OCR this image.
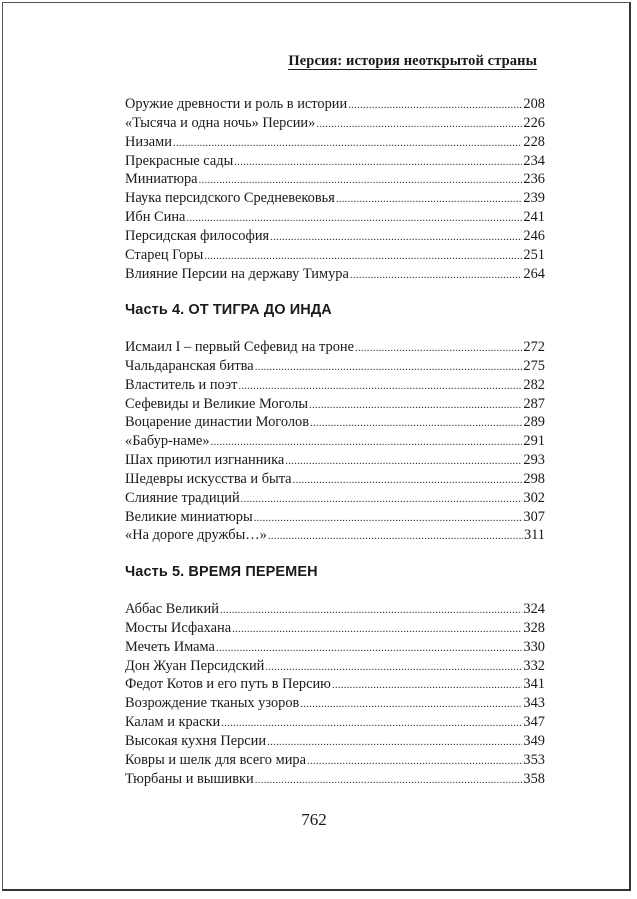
Персия: история неоткрытой страны
Оружие древности и роль в истории .....	208
«Тысяча и одна ночь» Персии» .....	226
Низами .....	228
Прекрасные сады .....	234
Миниатюра .....	236
Наука персидского Средневековья .....	239
Ибн Сина .....	241
Персидская философия .....	246
Старец Горы .....	251
Влияние Персии на державу Тимура .....	264
Часть 4. ОТ ТИГРА ДО ИНДА
Исмаил I – первый Сефевид на троне .....	272
Чальдаранская битва .....	275
Властитель и поэт .....	282
Сефевиды и Великие Моголы .....	287
Воцарение династии Моголов .....	289
«Бабур-наме» .....	291
Шах приютил изгнанника .....	293
Шедевры искусства и быта .....	298
Слияние традиций .....	302
Великие миниатюры .....	307
«На дороге дружбы…» .....	311
Часть 5. ВРЕМЯ ПЕРЕМЕН
Аббас Великий .....	324
Мосты Исфахана .....	328
Мечеть Имама .....	330
Дон Жуан Персидский .....	332
Федот Котов и его путь в Персию .....	341
Возрождение тканых узоров .....	343
Калам и краски .....	347
Высокая кухня Персии .....	349
Ковры и шелк для всего мира .....	353
Тюрбаны и вышивки .....	358
762
